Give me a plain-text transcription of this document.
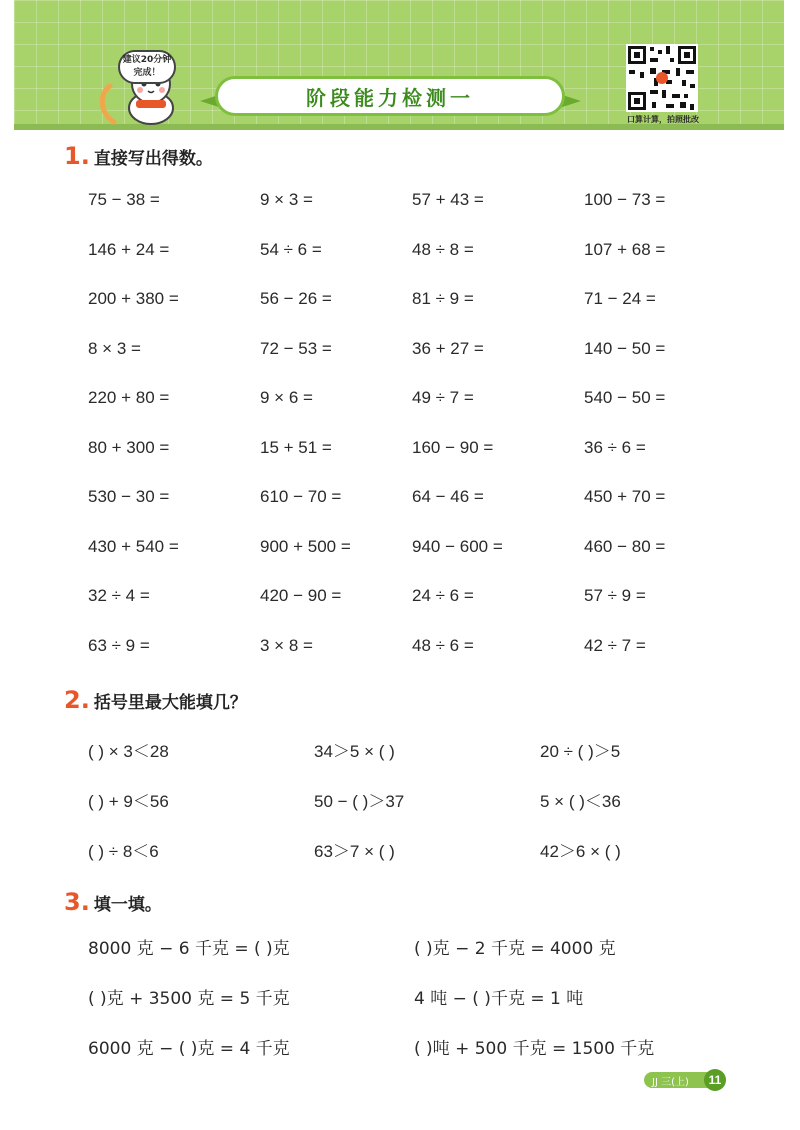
建议20分钟完成！
阶段能力检测一
口算计算，拍照批改
1. 直接写出得数。
75 − 38 =	9 × 3 =	57 + 43 =	100 − 73 =
146 + 24 =	54 ÷ 6 =	48 ÷ 8 =	107 + 68 =
200 + 380 =	56 − 26 =	81 ÷ 9 =	71 − 24 =
8 × 3 =	72 − 53 =	36 + 27 =	140 − 50 =
220 + 80 =	9 × 6 =	49 ÷ 7 =	540 − 50 =
80 + 300 =	15 + 51 =	160 − 90 =	36 ÷ 6 =
530 − 30 =	610 − 70 =	64 − 46 =	450 + 70 =
430 + 540 =	900 + 500 =	940 − 600 =	460 − 80 =
32 ÷ 4 =	420 − 90 =	24 ÷ 6 =	57 ÷ 9 =
63 ÷ 9 =	3 × 8 =	48 ÷ 6 =	42 ÷ 7 =
2. 括号里最大能填几？
( ) × 3＜28	34＞5 × ( )	20 ÷ ( )＞5
( ) + 9＜56	50 − ( )＞37	5 × ( )＜36
( ) ÷ 8＜6	63＞7 × ( )	42＞6 × ( )
3. 填一填。
8000 克 − 6 千克 = ( )克	( )克 − 2 千克 = 4000 克
( )克 + 3500 克 = 5 千克	4 吨 − ( )千克 = 1 吨
6000 克 − ( )克 = 4 千克	( )吨 + 500 千克 = 1500 千克
JJ 三(上)	11
